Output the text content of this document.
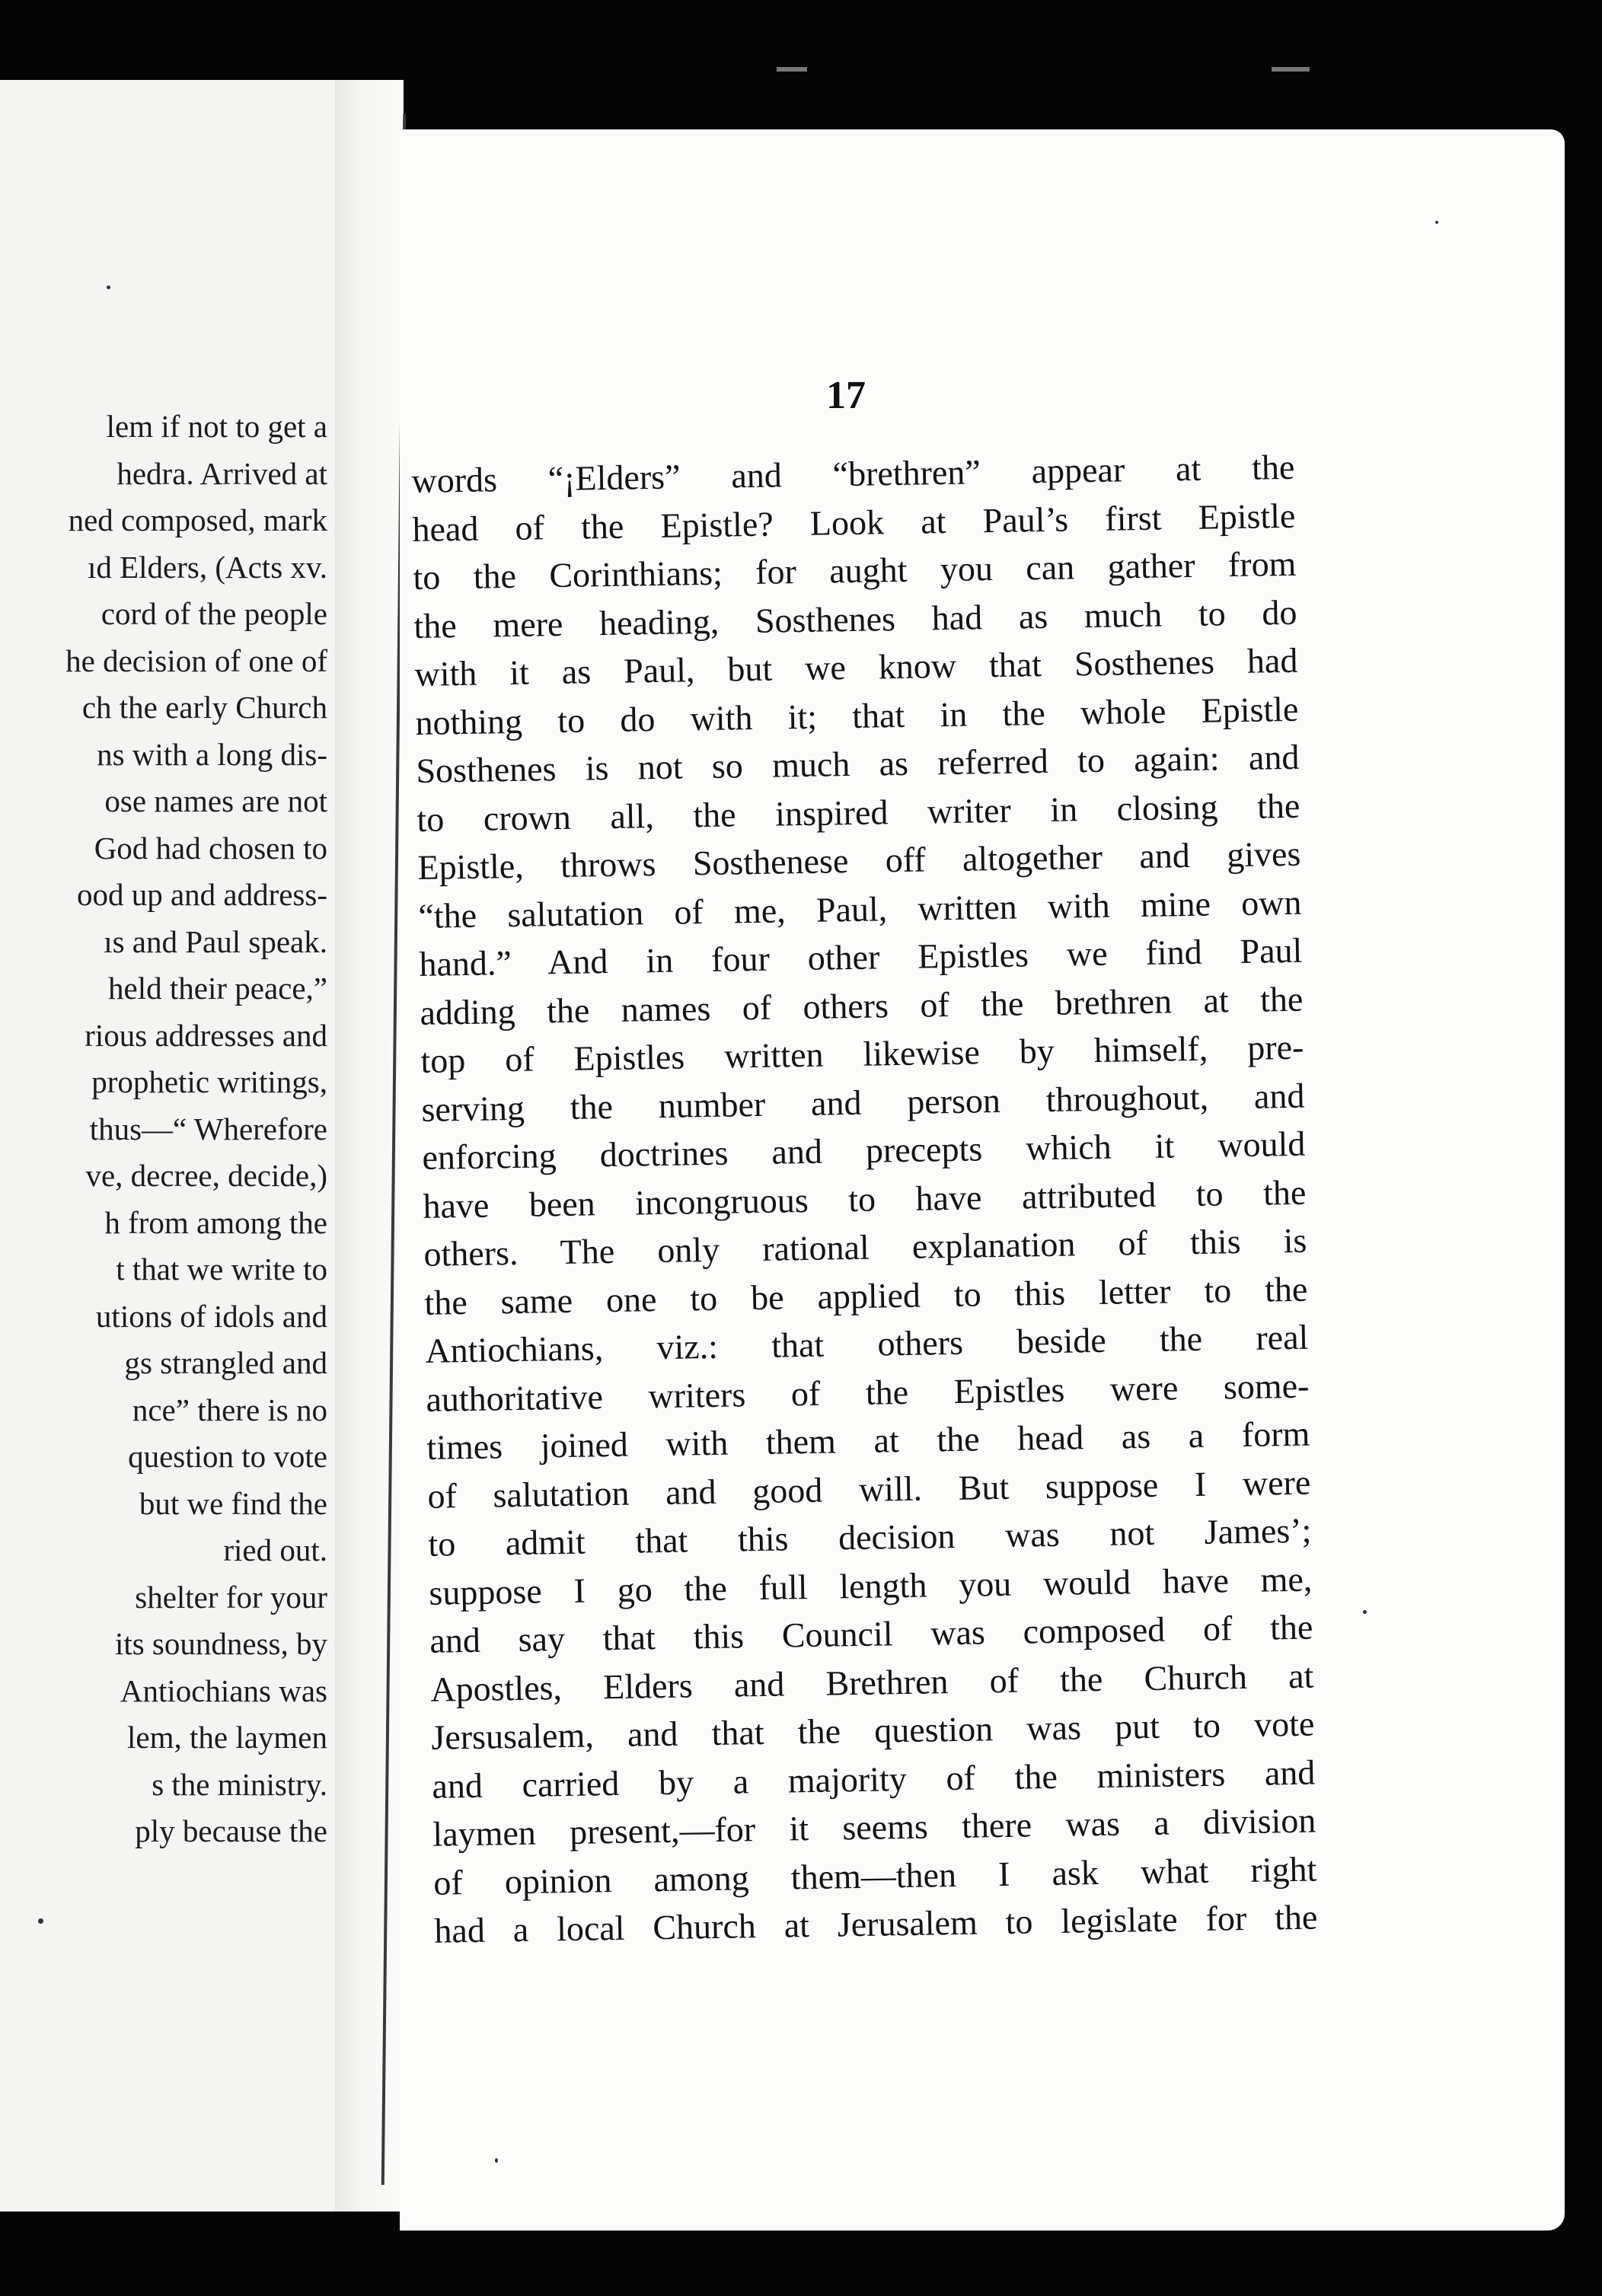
lem if not to get a
hedra. Arrived at
ned composed, mark
ıd Elders, (Acts xv.
cord of the people
he decision of one of
ch the early Church
ns with a long dis-
ose names are not
God had chosen to
ood up and address-
ıs and Paul speak.
held their peace,”
rious addresses and
prophetic writings,
thus—“ Wherefore
ve, decree, decide,)
h from among the
t that we write to
utions of idols and
gs strangled and
nce” there is no
question to vote
but we find the
ried out.
shelter for your
its soundness, by
Antiochians was
lem, the laymen
s the ministry.
ply because the
17
words “¡Elders” and “brethren” appear at the
head of the Epistle? Look at Paul’s first Epistle
to the Corinthians; for aught you can gather from
the mere heading, Sosthenes had as much to do
with it as Paul, but we know that Sosthenes had
nothing to do with it; that in the whole Epistle
Sosthenes is not so much as referred to again: and
to crown all, the inspired writer in closing the
Epistle, throws Sosthenese off altogether and gives
“the salutation of me, Paul, written with mine own
hand.” And in four other Epistles we find Paul
adding the names of others of the brethren at the
top of Epistles written likewise by himself, pre-
serving the number and person throughout, and
enforcing doctrines and precepts which it would
have been incongruous to have attributed to the
others. The only rational explanation of this is
the same one to be applied to this letter to the
Antiochians, viz.: that others beside the real
authoritative writers of the Epistles were some-
times joined with them at the head as a form
of salutation and good will. But suppose I were
to admit that this decision was not James’;
suppose I go the full length you would have me,
and say that this Council was composed of the
Apostles, Elders and Brethren of the Church at
Jersusalem, and that the question was put to vote
and carried by a majority of the ministers and
laymen present,—for it seems there was a division
of opinion among them—then I ask what right
had a local Church at Jerusalem to legislate for the
